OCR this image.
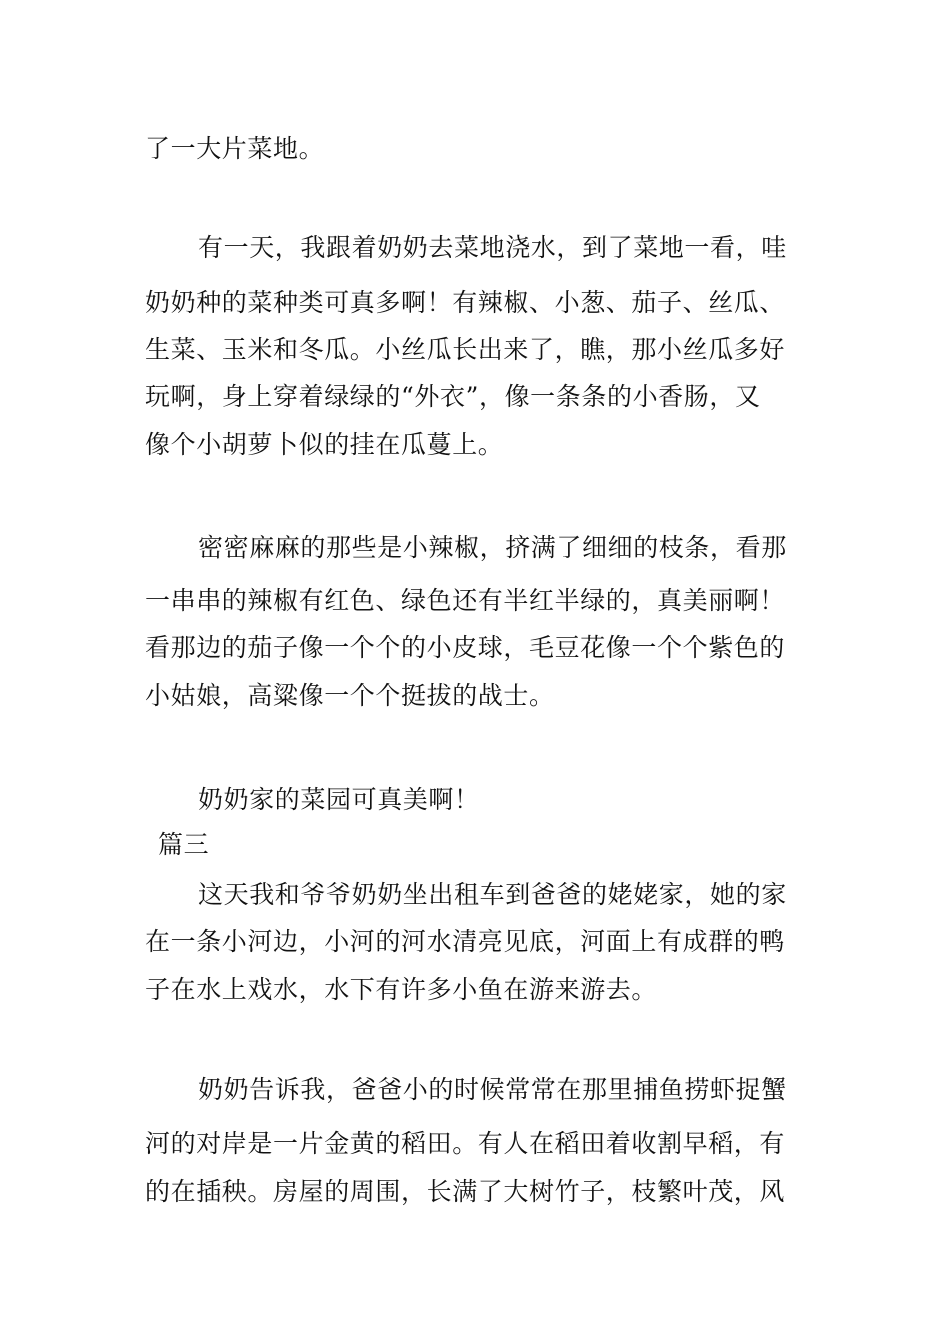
了一大片菜地。
有一天，我跟着奶奶去菜地浇水，到了菜地一看，哇
奶奶种的菜种类可真多啊！有辣椒、小葱、茄子、丝瓜、
生菜、玉米和冬瓜。小丝瓜长出来了，瞧，那小丝瓜多好
玩啊，身上穿着绿绿的“外衣”，像一条条的小香肠，又
像个小胡萝卜似的挂在瓜蔓上。
密密麻麻的那些是小辣椒，挤满了细细的枝条，看那
一串串的辣椒有红色、绿色还有半红半绿的，真美丽啊！
看那边的茄子像一个个的小皮球，毛豆花像一个个紫色的
小姑娘，高粱像一个个挺拔的战士。
奶奶家的菜园可真美啊！
篇三
这天我和爷爷奶奶坐出租车到爸爸的姥姥家，她的家
在一条小河边，小河的河水清亮见底，河面上有成群的鸭
子在水上戏水，水下有许多小鱼在游来游去。
奶奶告诉我，爸爸小的时候常常在那里捕鱼捞虾捉蟹
河的对岸是一片金黄的稻田。有人在稻田着收割早稻，有
的在插秧。房屋的周围，长满了大树竹子，枝繁叶茂，风
